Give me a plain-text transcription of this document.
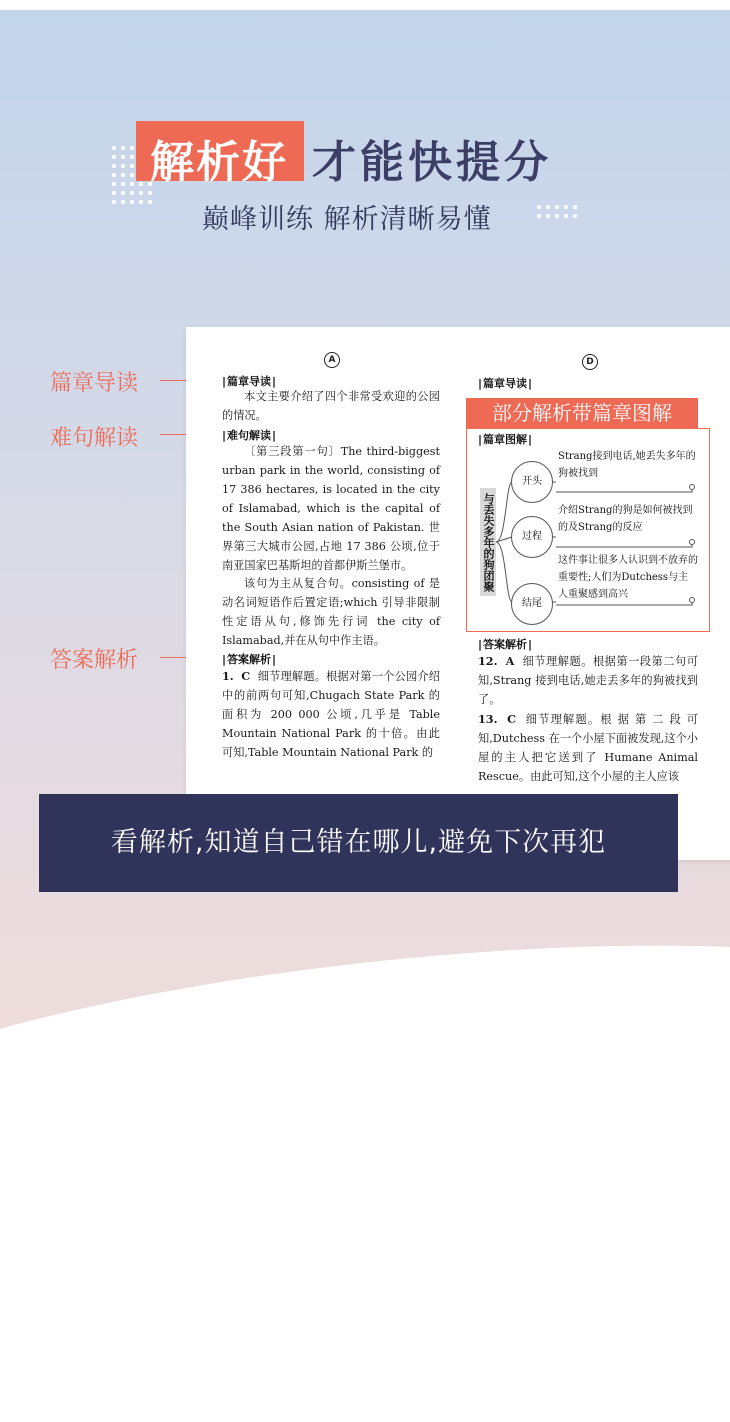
解析好 才能快提分
巅峰训练 解析清晰易懂
篇章导读
难句解读
答案解析
A
| 篇章导读 |

本文主要介绍了四个非常受欢迎的公园的情况。

| 难句解读 |

〔第三段第一句〕The third-biggest urban park in the world, consisting of 17 386 hectares, is located in the city of Islamabad, which is the capital of the South Asian nation of Pakistan. 世界第三大城市公园,占地 17 386 公顷,位于南亚国家巴基斯坦的首都伊斯兰堡市。

该句为主从复合句。consisting of 是动名词短语作后置定语;which 引导非限制性定语从句,修饰先行词 the city of Islamabad,并在从句中作主语。

| 答案解析 |

1. C 细节理解题。根据对第一个公园介绍中的前两句可知,Chugach State Park 的面积为 200 000 公顷,几乎是 Table Mountain National Park 的十倍。由此可知,Table Mountain National Park 的

D
| 篇章导读 |
部分解析带篇章图解
| 篇章图解 |
与丢失多年的狗团聚
开头
过程
结尾
Strang接到电话,她丢失多年的狗被找到
介绍Strang的狗是如何被找到的及Strang的反应
这件事让很多人认识到不放弃的重要性;人们为Dutchess与主人重聚感到高兴
| 答案解析 |

12. A 细节理解题。根据第一段第二句可知,Strang 接到电话,她走丢多年的狗被找到了。

13. C 细节理解题。根 据 第 二 段 可 知,Dutchess 在一个小屋下面被发现,这个小屋的主人把它送到了 Humane Animal Rescue。由此可知,这个小屋的主人应该

看解析,知道自己错在哪儿,避免下次再犯
